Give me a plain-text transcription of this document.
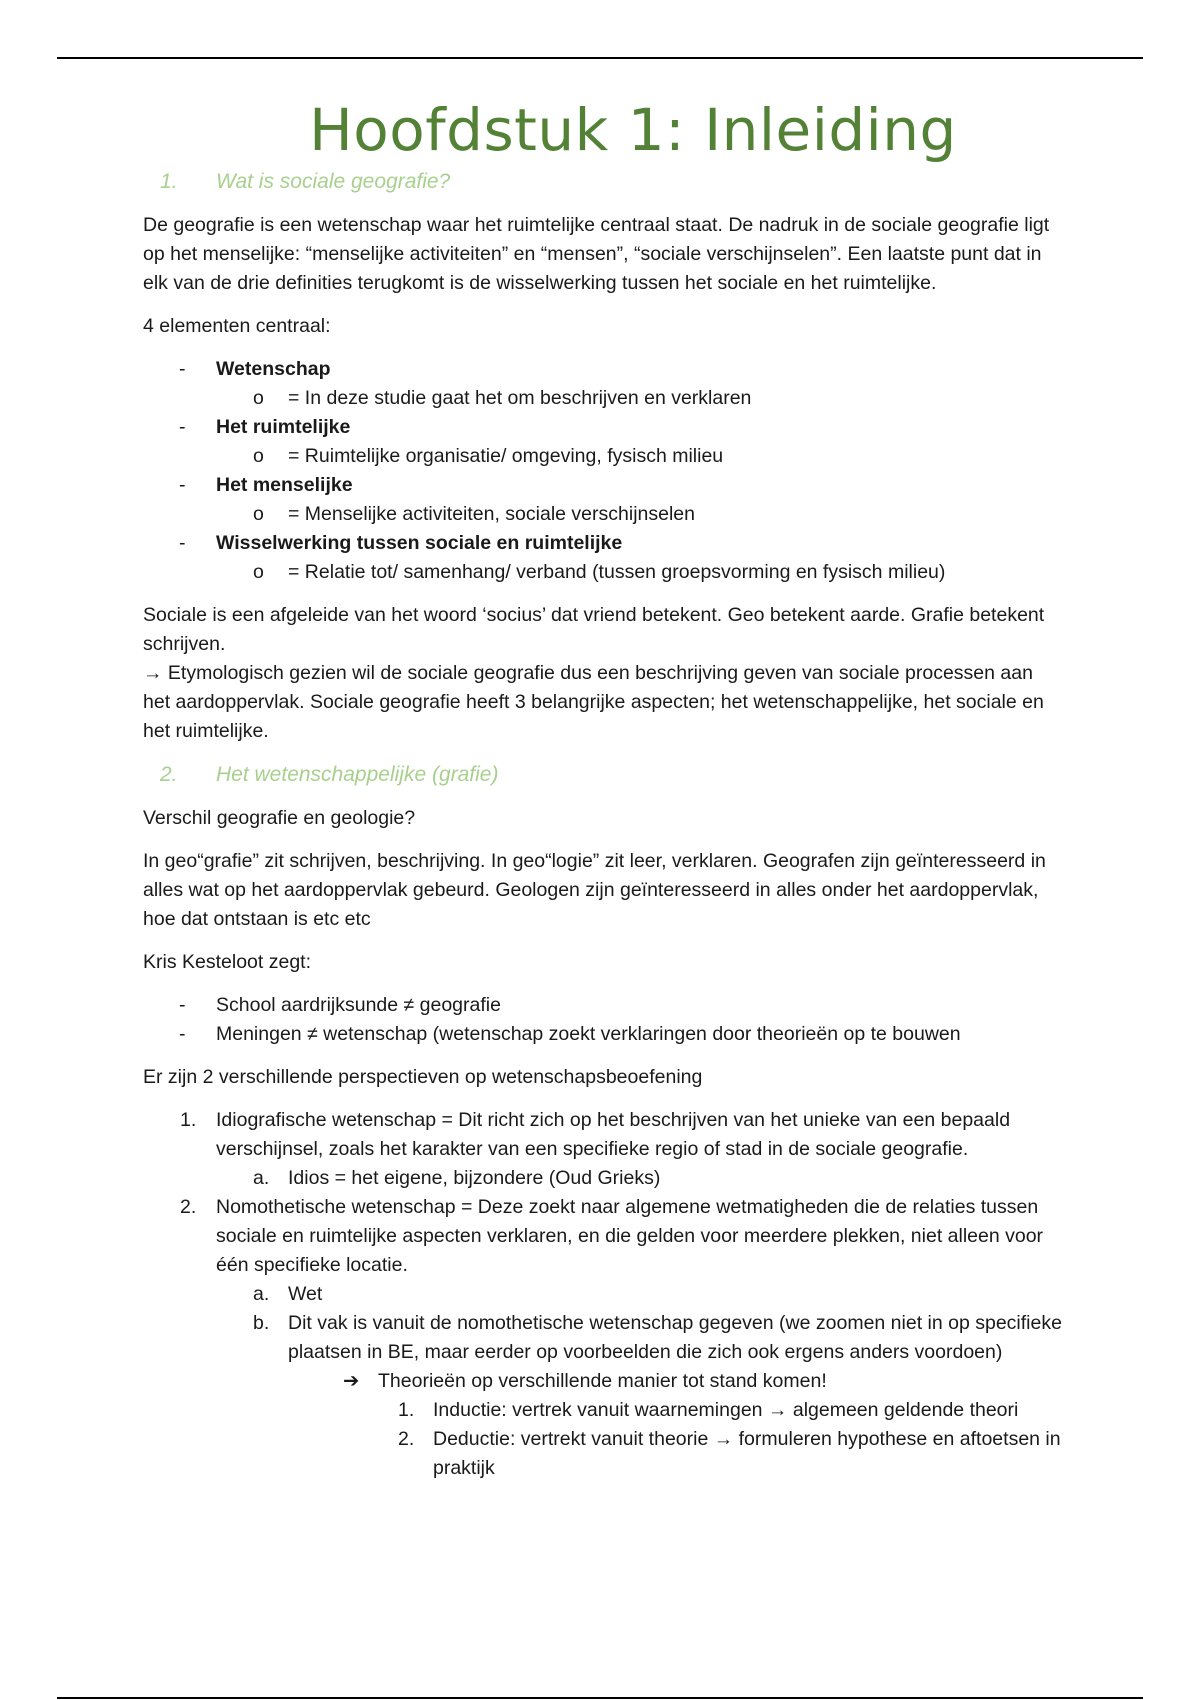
Hoofdstuk 1: Inleiding
1. Wat is sociale geografie?

De geografie is een wetenschap waar het ruimtelijke centraal staat. De nadruk in de sociale geografie ligt op het menselijke: “menselijke activiteiten” en “mensen”, “sociale verschijnselen”. Een laatste punt dat in elk van de drie definities terugkomt is de wisselwerking tussen het sociale en het ruimtelijke.

4 elementen centraal:

- Wetenschap
o = In deze studie gaat het om beschrijven en verklaren
- Het ruimtelijke
o = Ruimtelijke organisatie/ omgeving, fysisch milieu
- Het menselijke
o = Menselijke activiteiten, sociale verschijnselen
- Wisselwerking tussen sociale en ruimtelijke
o = Relatie tot/ samenhang/ verband (tussen groepsvorming en fysisch milieu)

Sociale is een afgeleide van het woord ‘socius’ dat vriend betekent. Geo betekent aarde. Grafie betekent schrijven.

→ Etymologisch gezien wil de sociale geografie dus een beschrijving geven van sociale processen aan het aardoppervlak. Sociale geografie heeft 3 belangrijke aspecten; het wetenschappelijke, het sociale en het ruimtelijke.

2. Het wetenschappelijke (grafie)

Verschil geografie en geologie?

In geo“grafie” zit schrijven, beschrijving. In geo“logie” zit leer, verklaren. Geografen zijn geïnteresseerd in alles wat op het aardoppervlak gebeurd. Geologen zijn geïnteresseerd in alles onder het aardoppervlak, hoe dat ontstaan is etc etc

Kris Kesteloot zegt:

- School aardrijksunde ≠ geografie
- Meningen ≠ wetenschap (wetenschap zoekt verklaringen door theorieën op te bouwen

Er zijn 2 verschillende perspectieven op wetenschapsbeoefening

1. Idiografische wetenschap = Dit richt zich op het beschrijven van het unieke van een bepaald verschijnsel, zoals het karakter van een specifieke regio of stad in de sociale geografie.
a. Idios = het eigene, bijzondere (Oud Grieks)
2. Nomothetische wetenschap = Deze zoekt naar algemene wetmatigheden die de relaties tussen sociale en ruimtelijke aspecten verklaren, en die gelden voor meerdere plekken, niet alleen voor één specifieke locatie.
a. Wet
b. Dit vak is vanuit de nomothetische wetenschap gegeven (we zoomen niet in op specifieke plaatsen in BE, maar eerder op voorbeelden die zich ook ergens anders voordoen)
➔ Theorieën op verschillende manier tot stand komen!
1. Inductie: vertrek vanuit waarnemingen → algemeen geldende theori
2. Deductie: vertrekt vanuit theorie → formuleren hypothese en aftoetsen in praktijk
